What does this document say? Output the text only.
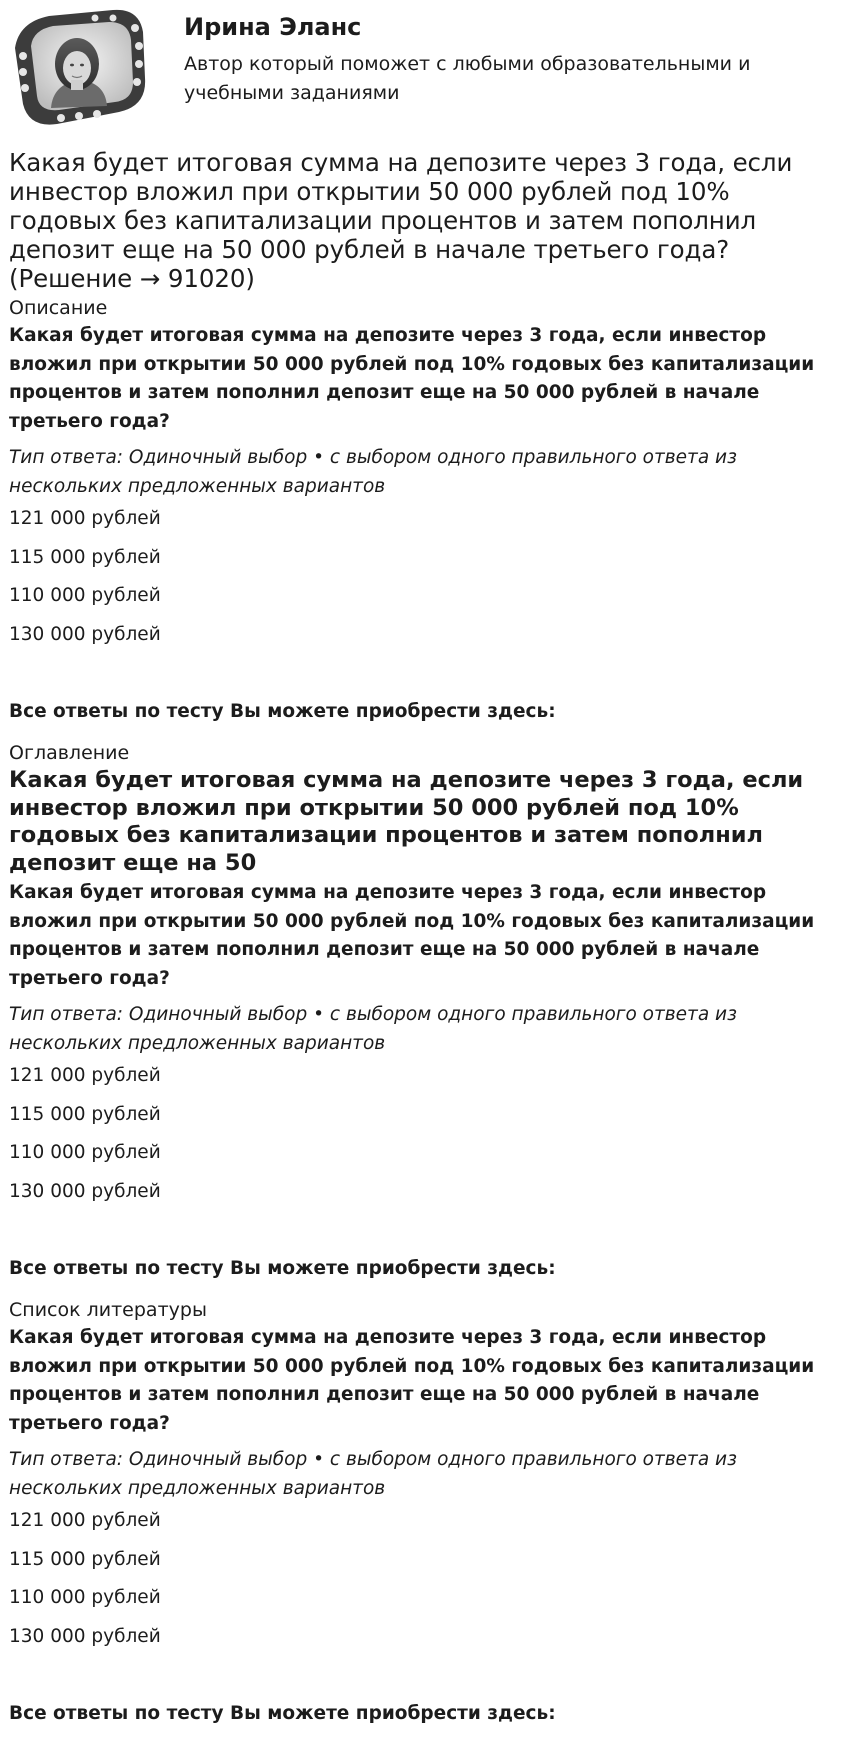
Ирина Эланс

Автор который поможет с любыми образовательными и учебными заданиями

Какая будет итоговая сумма на депозите через 3 года, если инвестор вложил при открытии 50 000 рублей под 10% годовых без капитализации процентов и затем пополнил депозит еще на 50 000 рублей в начале третьего года? (Решение → 91020)

Описание

Какая будет итоговая сумма на депозите через 3 года, если инвестор вложил при открытии 50 000 рублей под 10% годовых без капитализации процентов и затем пополнил депозит еще на 50 000 рублей в начале третьего года?

Тип ответа: Одиночный выбор • с выбором одного правильного ответа из нескольких предложенных вариантов

121 000 рублей
115 000 рублей
110 000 рублей
130 000 рублей

Все ответы по тесту Вы можете приобрести здесь:

Оглавление

Какая будет итоговая сумма на депозите через 3 года, если инвестор вложил при открытии 50 000 рублей под 10% годовых без капитализации процентов и затем пополнил депозит еще на 50

Какая будет итоговая сумма на депозите через 3 года, если инвестор вложил при открытии 50 000 рублей под 10% годовых без капитализации процентов и затем пополнил депозит еще на 50 000 рублей в начале третьего года?

Тип ответа: Одиночный выбор • с выбором одного правильного ответа из нескольких предложенных вариантов

121 000 рублей
115 000 рублей
110 000 рублей
130 000 рублей

Все ответы по тесту Вы можете приобрести здесь:

Список литературы

Какая будет итоговая сумма на депозите через 3 года, если инвестор вложил при открытии 50 000 рублей под 10% годовых без капитализации процентов и затем пополнил депозит еще на 50 000 рублей в начале третьего года?

Тип ответа: Одиночный выбор • с выбором одного правильного ответа из нескольких предложенных вариантов

121 000 рублей
115 000 рублей
110 000 рублей
130 000 рублей

Все ответы по тесту Вы можете приобрести здесь:
